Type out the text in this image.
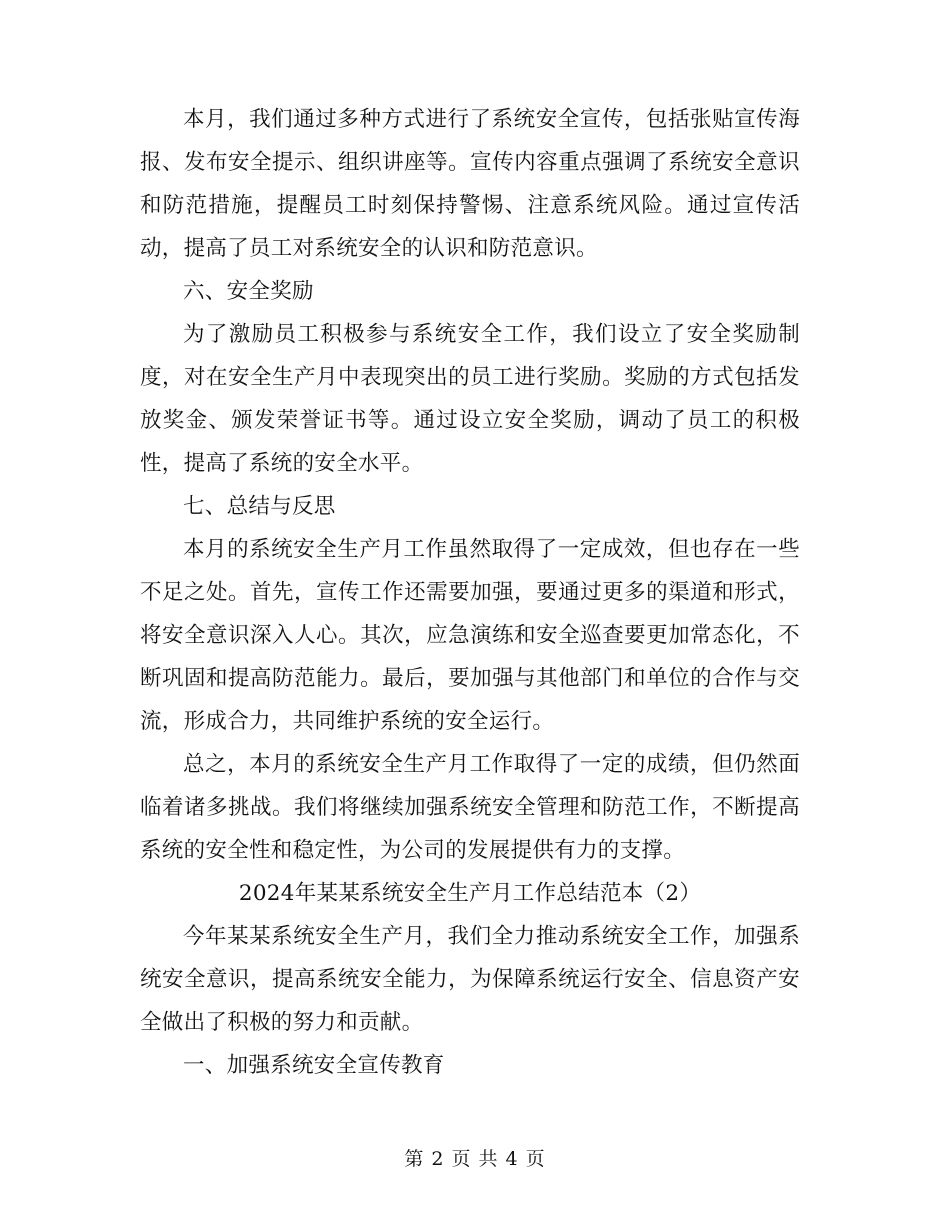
本月，我们通过多种方式进行了系统安全宣传，包括张贴宣传海报、发布安全提示、组织讲座等。宣传内容重点强调了系统安全意识和防范措施，提醒员工时刻保持警惕、注意系统风险。通过宣传活动，提高了员工对系统安全的认识和防范意识。

六、安全奖励

为了激励员工积极参与系统安全工作，我们设立了安全奖励制度，对在安全生产月中表现突出的员工进行奖励。奖励的方式包括发放奖金、颁发荣誉证书等。通过设立安全奖励，调动了员工的积极性，提高了系统的安全水平。

七、总结与反思

本月的系统安全生产月工作虽然取得了一定成效，但也存在一些不足之处。首先，宣传工作还需要加强，要通过更多的渠道和形式，将安全意识深入人心。其次，应急演练和安全巡查要更加常态化，不断巩固和提高防范能力。最后，要加强与其他部门和单位的合作与交流，形成合力，共同维护系统的安全运行。

总之，本月的系统安全生产月工作取得了一定的成绩，但仍然面临着诸多挑战。我们将继续加强系统安全管理和防范工作，不断提高系统的安全性和稳定性，为公司的发展提供有力的支撑。

2024年某某系统安全生产月工作总结范本（2）

今年某某系统安全生产月，我们全力推动系统安全工作，加强系统安全意识，提高系统安全能力，为保障系统运行安全、信息资产安全做出了积极的努力和贡献。

一、加强系统安全宣传教育

第 2 页 共 4 页
